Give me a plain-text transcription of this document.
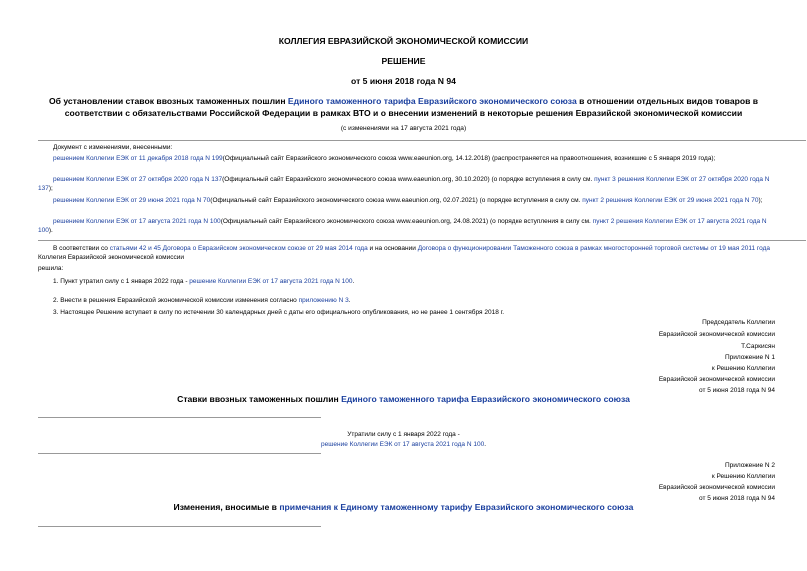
КОЛЛЕГИЯ ЕВРАЗИЙСКОЙ ЭКОНОМИЧЕСКОЙ КОМИССИИ
РЕШЕНИЕ
от 5 июня 2018 года N 94
Об установлении ставок ввозных таможенных пошлин Единого таможенного тарифа Евразийского экономического союза в отношении отдельных видов товаров в соответствии с обязательствами Российской Федерации в рамках ВТО и о внесении изменений в некоторые решения Евразийской экономической комиссии
(с изменениями на 17 августа 2021 года)
Документ с изменениями, внесенными:
решением Коллегии ЕЭК от 11 декабря 2018 года N 199(Официальный сайт Евразийского экономического союза www.eaeunion.org, 14.12.2018) (распространяется на правоотношения, возникшие с 5 января 2019 года);
решением Коллегии ЕЭК от 27 октября 2020 года N 137(Официальный сайт Евразийского экономического союза www.eaeunion.org, 30.10.2020) (о порядке вступления в силу см. пункт 3 решения Коллегии ЕЭК от 27 октября 2020 года N 137);
решением Коллегии ЕЭК от 29 июня 2021 года N 70(Официальный сайт Евразийского экономического союза www.eaeunion.org, 02.07.2021) (о порядке вступления в силу см. пункт 2 решения Коллегии ЕЭК от 29 июня 2021 года N 70);
решением Коллегии ЕЭК от 17 августа 2021 года N 100(Официальный сайт Евразийского экономического союза www.eaeunion.org, 24.08.2021) (о порядке вступления в силу см. пункт 2 решения Коллегии ЕЭК от 17 августа 2021 года N 100).
В соответствии со статьями 42 и 45 Договора о Евразийском экономическом союзе от 29 мая 2014 года и на основании Договора о функционировании Таможенного союза в рамках многосторонней торговой системы от 19 мая 2011 года Коллегия Евразийской экономической комиссии
решила:
1. Пункт утратил силу с 1 января 2022 года - решение Коллегии ЕЭК от 17 августа 2021 года N 100.
2. Внести в решения Евразийской экономической комиссии изменения согласно приложению N 3.
3. Настоящее Решение вступает в силу по истечении 30 календарных дней с даты его официального опубликования, но не ранее 1 сентября 2018 г.
Председатель Коллегии
Евразийской экономической комиссии
Т.Саркисян
Приложение N 1
к Решению Коллегии
Евразийской экономической комиссии
от 5 июня 2018 года N 94
Ставки ввозных таможенных пошлин Единого таможенного тарифа Евразийского экономического союза
Утратили силу с 1 января 2022 года -
решение Коллегии ЕЭК от 17 августа 2021 года N 100.
Приложение N 2
к Решению Коллегии
Евразийской экономической комиссии
от 5 июня 2018 года N 94
Изменения, вносимые в примечания к Единому таможенному тарифу Евразийского экономического союза
